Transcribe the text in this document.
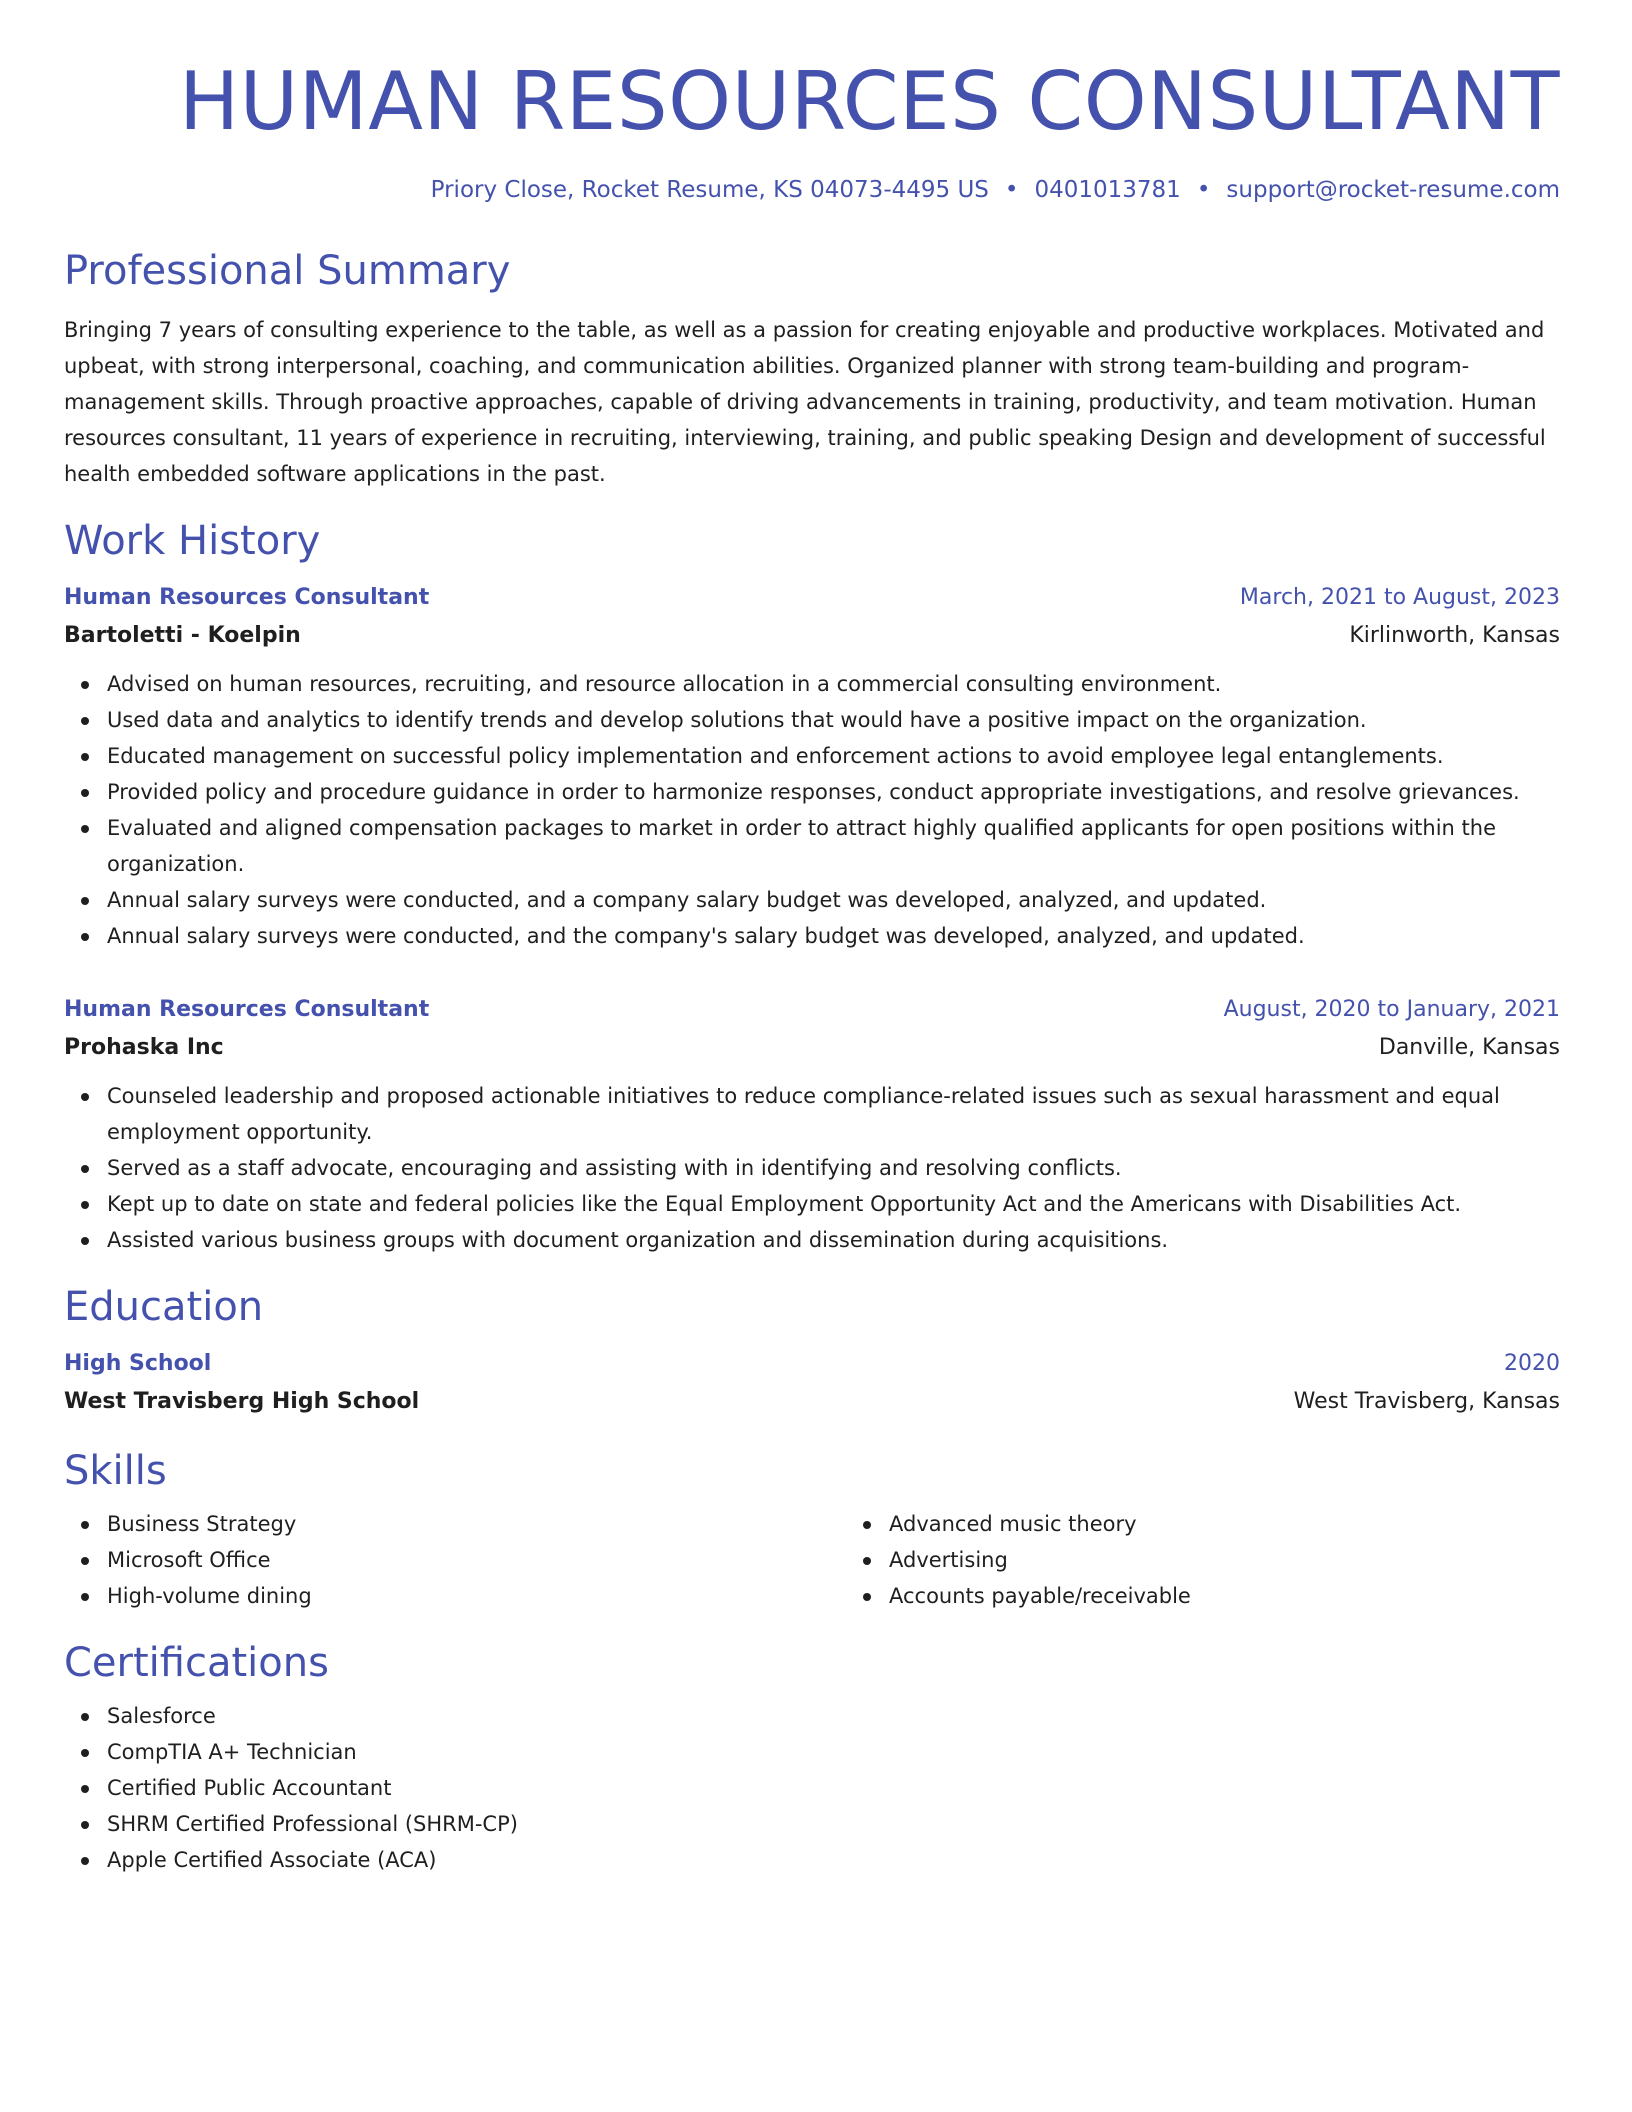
HUMAN RESOURCES CONSULTANT
Priory Close, Rocket Resume, KS 04073-4495 US • 0401013781 • support@rocket-resume.com
Professional Summary
Bringing 7 years of consulting experience to the table, as well as a passion for creating enjoyable and productive workplaces. Motivated and upbeat, with strong interpersonal, coaching, and communication abilities. Organized planner with strong team-building and program-management skills. Through proactive approaches, capable of driving advancements in training, productivity, and team motivation. Human resources consultant, 11 years of experience in recruiting, interviewing, training, and public speaking Design and development of successful health embedded software applications in the past.
Work History
Human Resources Consultant	March, 2021 to August, 2023
Bartoletti - Koelpin	Kirlinworth, Kansas
Advised on human resources, recruiting, and resource allocation in a commercial consulting environment.
Used data and analytics to identify trends and develop solutions that would have a positive impact on the organization.
Educated management on successful policy implementation and enforcement actions to avoid employee legal entanglements.
Provided policy and procedure guidance in order to harmonize responses, conduct appropriate investigations, and resolve grievances.
Evaluated and aligned compensation packages to market in order to attract highly qualified applicants for open positions within the organization.
Annual salary surveys were conducted, and a company salary budget was developed, analyzed, and updated.
Annual salary surveys were conducted, and the company's salary budget was developed, analyzed, and updated.
Human Resources Consultant	August, 2020 to January, 2021
Prohaska Inc	Danville, Kansas
Counseled leadership and proposed actionable initiatives to reduce compliance-related issues such as sexual harassment and equal employment opportunity.
Served as a staff advocate, encouraging and assisting with in identifying and resolving conflicts.
Kept up to date on state and federal policies like the Equal Employment Opportunity Act and the Americans with Disabilities Act.
Assisted various business groups with document organization and dissemination during acquisitions.
Education
High School	2020
West Travisberg High School	West Travisberg, Kansas
Skills
Business Strategy
Microsoft Office
High-volume dining
Advanced music theory
Advertising
Accounts payable/receivable
Certifications
Salesforce
CompTIA A+ Technician
Certified Public Accountant
SHRM Certified Professional (SHRM-CP)
Apple Certified Associate (ACA)
